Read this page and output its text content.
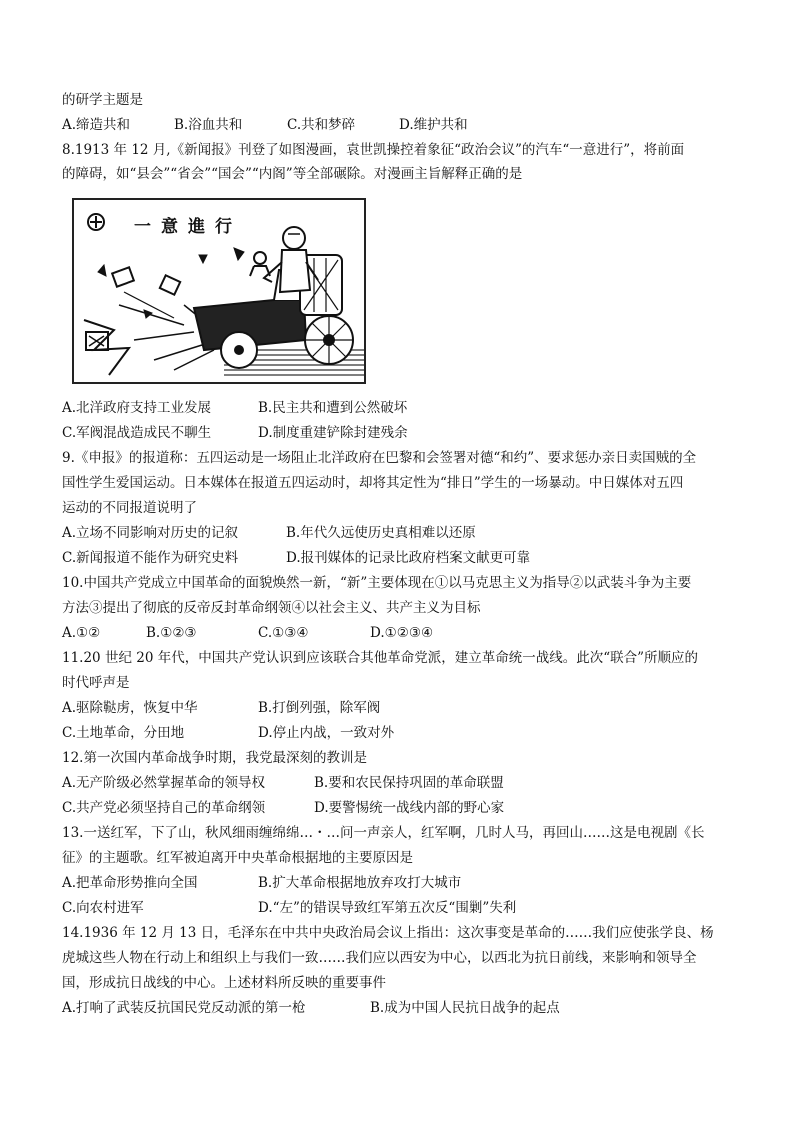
的研学主题是
A.缔造共和	B.浴血共和	C.共和梦碎	D.维护共和
8.1913 年 12 月,《新闻报》刊登了如图漫画，袁世凯操控着象征“政治会议”的汽车“一意进行”，将前面
的障碍，如“县会”“省会”“国会”“内阁”等全部碾除。对漫画主旨解释正确的是
一意進行
A.北洋政府支持工业发展	B.民主共和遭到公然破坏
C.军阀混战造成民不聊生	D.制度重建铲除封建残余
9.《申报》的报道称：五四运动是一场阻止北洋政府在巴黎和会签署对德“和约”、要求惩办亲日卖国贼的全
国性学生爱国运动。日本媒体在报道五四运动时，却将其定性为“排日”学生的一场暴动。中日媒体对五四
运动的不同报道说明了
A.立场不同影响对历史的记叙	B.年代久远使历史真相难以还原
C.新闻报道不能作为研究史料	D.报刊媒体的记录比政府档案文献更可靠
10.中国共产党成立中国革命的面貌焕然一新，“新”主要体现在①以马克思主义为指导②以武装斗争为主要
方法③提出了彻底的反帝反封革命纲领④以社会主义、共产主义为目标
A.①②	B.①②③	C.①③④	D.①②③④
11.20 世纪 20 年代，中国共产党认识到应该联合其他革命党派，建立革命统一战线。此次“联合”所顺应的
时代呼声是
A.驱除鞑虏，恢复中华	B.打倒列强，除军阀
C.土地革命，分田地	D.停止内战，一致对外
12.第一次国内革命战争时期，我党最深刻的教训是
A.无产阶级必然掌握革命的领导权	B.要和农民保持巩固的革命联盟
C.共产党必须坚持自己的革命纲领	D.要警惕统一战线内部的野心家
13.一送红军，下了山，秋风细雨缠绵绵…・…问一声亲人，红军啊，几时人马，再回山……这是电视剧《长
征》的主题歌。红军被迫离开中央革命根据地的主要原因是
A.把革命形势推向全国	B.扩大革命根据地放弃攻打大城市
C.向农村进军	D.“左”的错误导致红军第五次反“围剿”失利
14.1936 年 12 月 13 日，毛泽东在中共中央政治局会议上指出：这次事变是革命的……我们应使张学良、杨
虎城这些人物在行动上和组织上与我们一致……我们应以西安为中心，以西北为抗日前线，来影响和领导全
国，形成抗日战线的中心。上述材料所反映的重要事件
A.打响了武装反抗国民党反动派的第一枪	B.成为中国人民抗日战争的起点
